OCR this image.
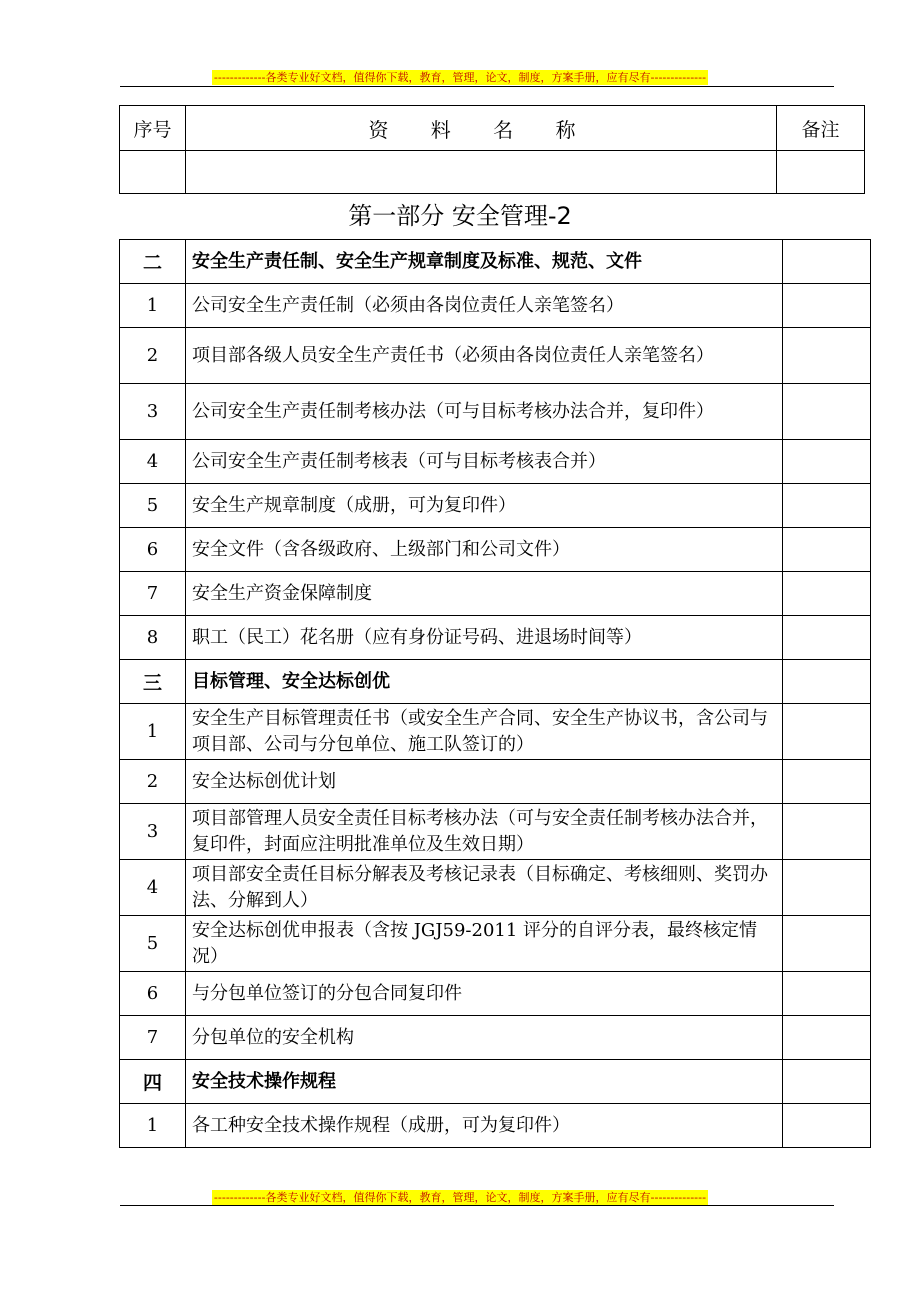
-------------各类专业好文档，值得你下载，教育，管理，论文，制度，方案手册，应有尽有--------------
序号	资 料 名 称	备注

第一部分 安全管理-2
二	安全生产责任制、安全生产规章制度及标准、规范、文件	
1	公司安全生产责任制（必须由各岗位责任人亲笔签名）	
2	项目部各级人员安全生产责任书（必须由各岗位责任人亲笔签名）	
3	公司安全生产责任制考核办法（可与目标考核办法合并，复印件）	
4	公司安全生产责任制考核表（可与目标考核表合并）	
5	安全生产规章制度（成册，可为复印件）	
6	安全文件（含各级政府、上级部门和公司文件）	
7	安全生产资金保障制度	
8	职工（民工）花名册（应有身份证号码、进退场时间等）	
三	目标管理、安全达标创优	
1	安全生产目标管理责任书（或安全生产合同、安全生产协议书，含公司与项目部、公司与分包单位、施工队签订的）	
2	安全达标创优计划	
3	项目部管理人员安全责任目标考核办法（可与安全责任制考核办法合并，复印件，封面应注明批准单位及生效日期）	
4	项目部安全责任目标分解表及考核记录表（目标确定、考核细则、奖罚办法、分解到人）	
5	安全达标创优申报表（含按 JGJ59-2011 评分的自评分表，最终核定情况）	
6	与分包单位签订的分包合同复印件	
7	分包单位的安全机构	
四	安全技术操作规程	
1	各工种安全技术操作规程（成册，可为复印件）	
-------------各类专业好文档，值得你下载，教育，管理，论文，制度，方案手册，应有尽有--------------
